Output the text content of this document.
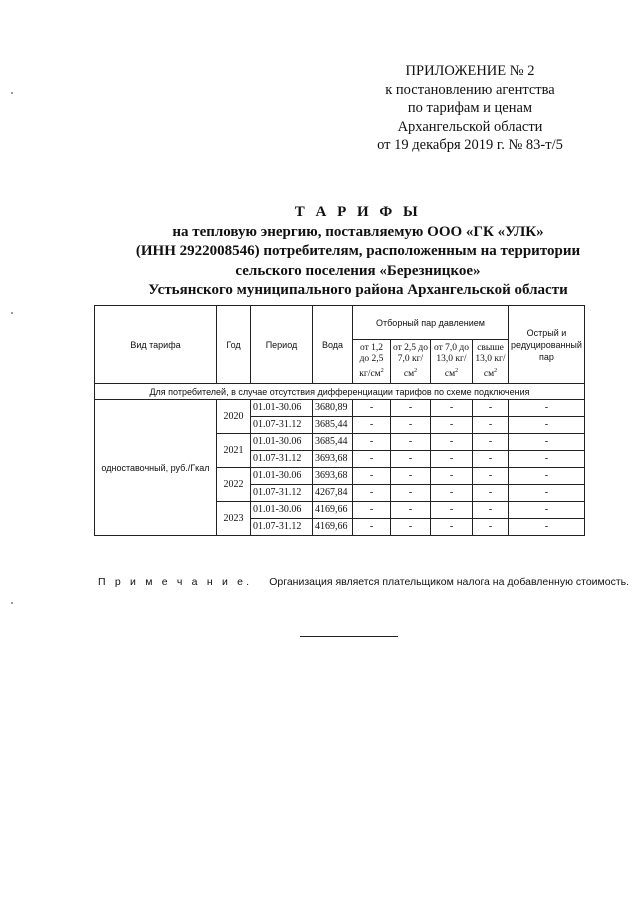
ПРИЛОЖЕНИЕ № 2
к постановлению агентства
по тарифам и ценам
Архангельской области
от 19 декабря 2019 г. № 83-т/5
Т А Р И Ф Ы
на тепловую энергию, поставляемую ООО «ГК «УЛК»
(ИНН 2922008546) потребителям, расположенным на территории
сельского поселения «Березницкое»
Устьянского муниципального района Архангельской области
Вид тарифа	Год	Период	Вода	Отборный пар давлением				Острый и редуцированный пар
				от 1,2 до 2,5 $кг/см^2$	от 2,5 до 7,0 $кг/см^2$	от 7,0 до 13,0 $кг/см^2$	свыше 13,0 $кг/см^2$
Для потребителей, в случае отсутствия дифференциации тарифов по схеме подключения								
одноставочный, руб./Гкал	2020	01.01-30.06	3680,89	-	-	-	-	-
		01.07-31.12	3685,44	-	-	-	-	-
	2021	01.01-30.06	3685,44	-	-	-	-	-
		01.07-31.12	3693,68	-	-	-	-	-
	2022	01.01-30.06	3693,68	-	-	-	-	-
		01.07-31.12	4267,84	-	-	-	-	-
	2023	01.01-30.06	4169,66	-	-	-	-	-
		01.07-31.12	4169,66	-	-	-	-	-
П р и м е ч а н и е. Организация является плательщиком налога на добавленную стоимость.
